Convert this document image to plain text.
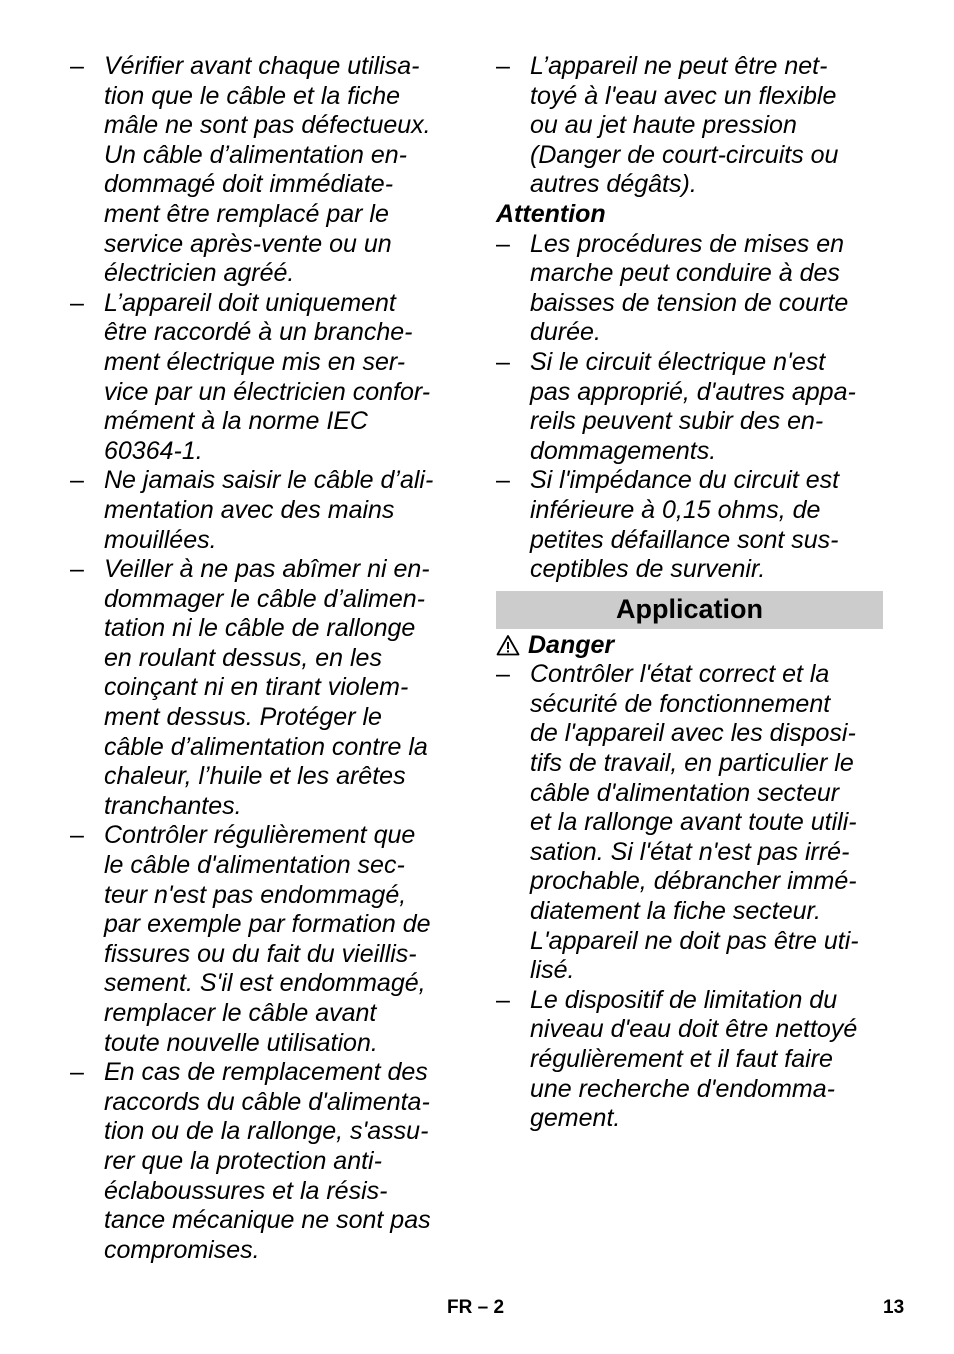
– Vérifier avant chaque utilisa-
tion que le câble et la fiche
mâle ne sont pas défectueux.
Un câble d’alimentation en-
dommagé doit immédiate-
ment être remplacé par le
service après-vente ou un
électricien agréé.
– L’appareil doit uniquement
être raccordé à un branche-
ment électrique mis en ser-
vice par un électricien confor-
mément à la norme IEC
60364-1.
– Ne jamais saisir le câble d’ali-
mentation avec des mains
mouillées.
– Veiller à ne pas abîmer ni en-
dommager le câble d’alimen-
tation ni le câble de rallonge
en roulant dessus, en les
coinçant ni en tirant violem-
ment dessus. Protéger le
câble d’alimentation contre la
chaleur, l’huile et les arêtes
tranchantes.
– Contrôler régulièrement que
le câble d'alimentation sec-
teur n'est pas endommagé,
par exemple par formation de
fissures ou du fait du vieillis-
sement. S'il est endommagé,
remplacer le câble avant
toute nouvelle utilisation.
– En cas de remplacement des
raccords du câble d'alimenta-
tion ou de la rallonge, s'assu-
rer que la protection anti-
éclaboussures et la résis-
tance mécanique ne sont pas
compromises.
– L’appareil ne peut être net-
toyé à l'eau avec un flexible
ou au jet haute pression
(Danger de court-circuits ou
autres dégâts).
Attention
– Les procédures de mises en
marche peut conduire à des
baisses de tension de courte
durée.
– Si le circuit électrique n'est
pas approprié, d'autres appa-
reils peuvent subir des en-
dommagements.
– Si l'impédance du circuit est
inférieure à 0,15 ohms, de
petites défaillance sont sus-
ceptibles de survenir.
Application
Danger
– Contrôler l'état correct et la
sécurité de fonctionnement
de l'appareil avec les disposi-
tifs de travail, en particulier le
câble d'alimentation secteur
et la rallonge avant toute utili-
sation. Si l'état n'est pas irré-
prochable, débrancher immé-
diatement la fiche secteur.
L'appareil ne doit pas être uti-
lisé.
– Le dispositif de limitation du
niveau d'eau doit être nettoyé
régulièrement et il faut faire
une recherche d'endomma-
gement.
FR – 2	13
